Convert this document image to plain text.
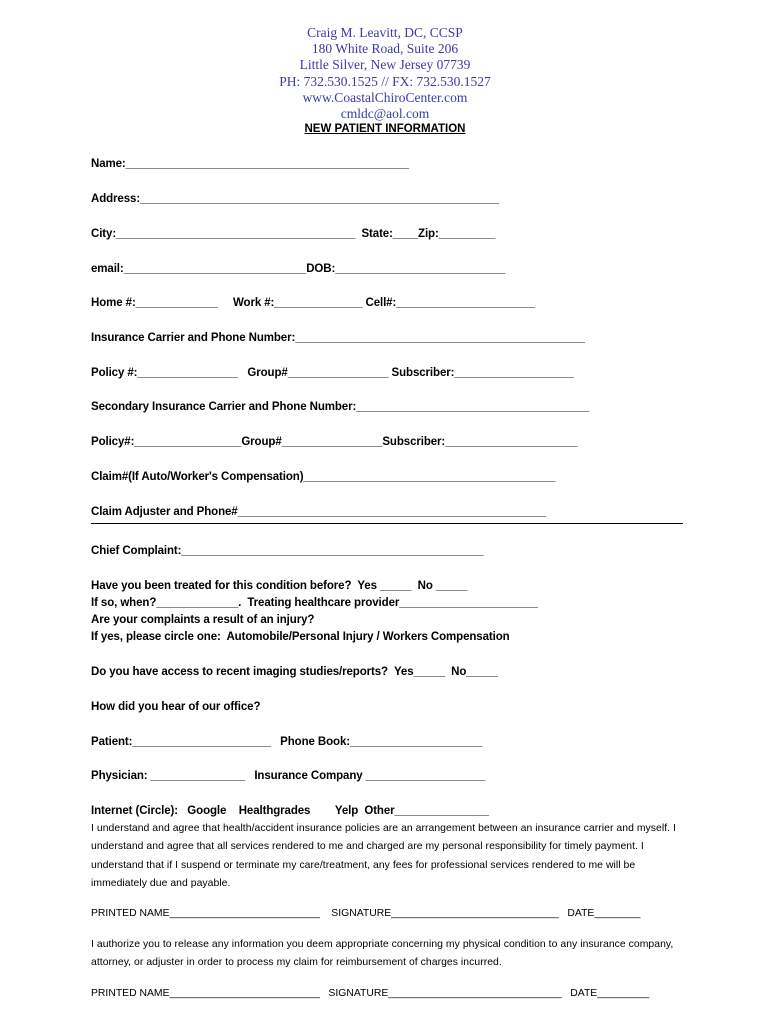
Craig M. Leavitt, DC, CCSP
180 White Road, Suite 206
Little Silver, New Jersey 07739
PH: 732.530.1525 // FX: 732.530.1527
www.CoastalChiroCenter.com
cmldc@aol.com
NEW PATIENT INFORMATION
Name:_____________________________________________
Address:_________________________________________________________
City:______________________________________  State:____Zip:_________
email:_____________________________DOB:___________________________
Home #:_____________     Work #:______________ Cell#:______________________
Insurance Carrier and Phone Number:______________________________________________
Policy #:________________   Group#________________ Subscriber:___________________
Secondary Insurance Carrier and Phone Number:_____________________________________
Policy#:_________________Group#________________Subscriber:_____________________
Claim#(If Auto/Worker's Compensation)________________________________________
Claim Adjuster and Phone#_________________________________________________
Chief Complaint:________________________________________________
Have you been treated for this condition before?  Yes _____  No _____
If so, when?_____________.  Treating healthcare provider______________________
Are your complaints a result of an injury?
If yes, please circle one:  Automobile/Personal Injury / Workers Compensation
Do you have access to recent imaging studies/reports?  Yes_____  No_____
How did you hear of our office?
Patient:______________________   Phone Book:_____________________
Physician: _______________   Insurance Company ___________________
Internet (Circle):   Google    Healthgrades        Yelp  Other_______________
I understand and agree that health/accident insurance policies are an arrangement between an insurance carrier and myself. I understand and agree that all services rendered to me and charged are my personal responsibility for timely payment. I understand that if I suspend or terminate my care/treatment, any fees for professional services rendered to me will be immediately due and payable.
PRINTED NAME__________________________    SIGNATURE_____________________________   DATE________
I authorize you to release any information you deem appropriate concerning my physical condition to any insurance company, attorney, or adjuster in order to process my claim for reimbursement of charges incurred.
PRINTED NAME__________________________   SIGNATURE______________________________   DATE_________
